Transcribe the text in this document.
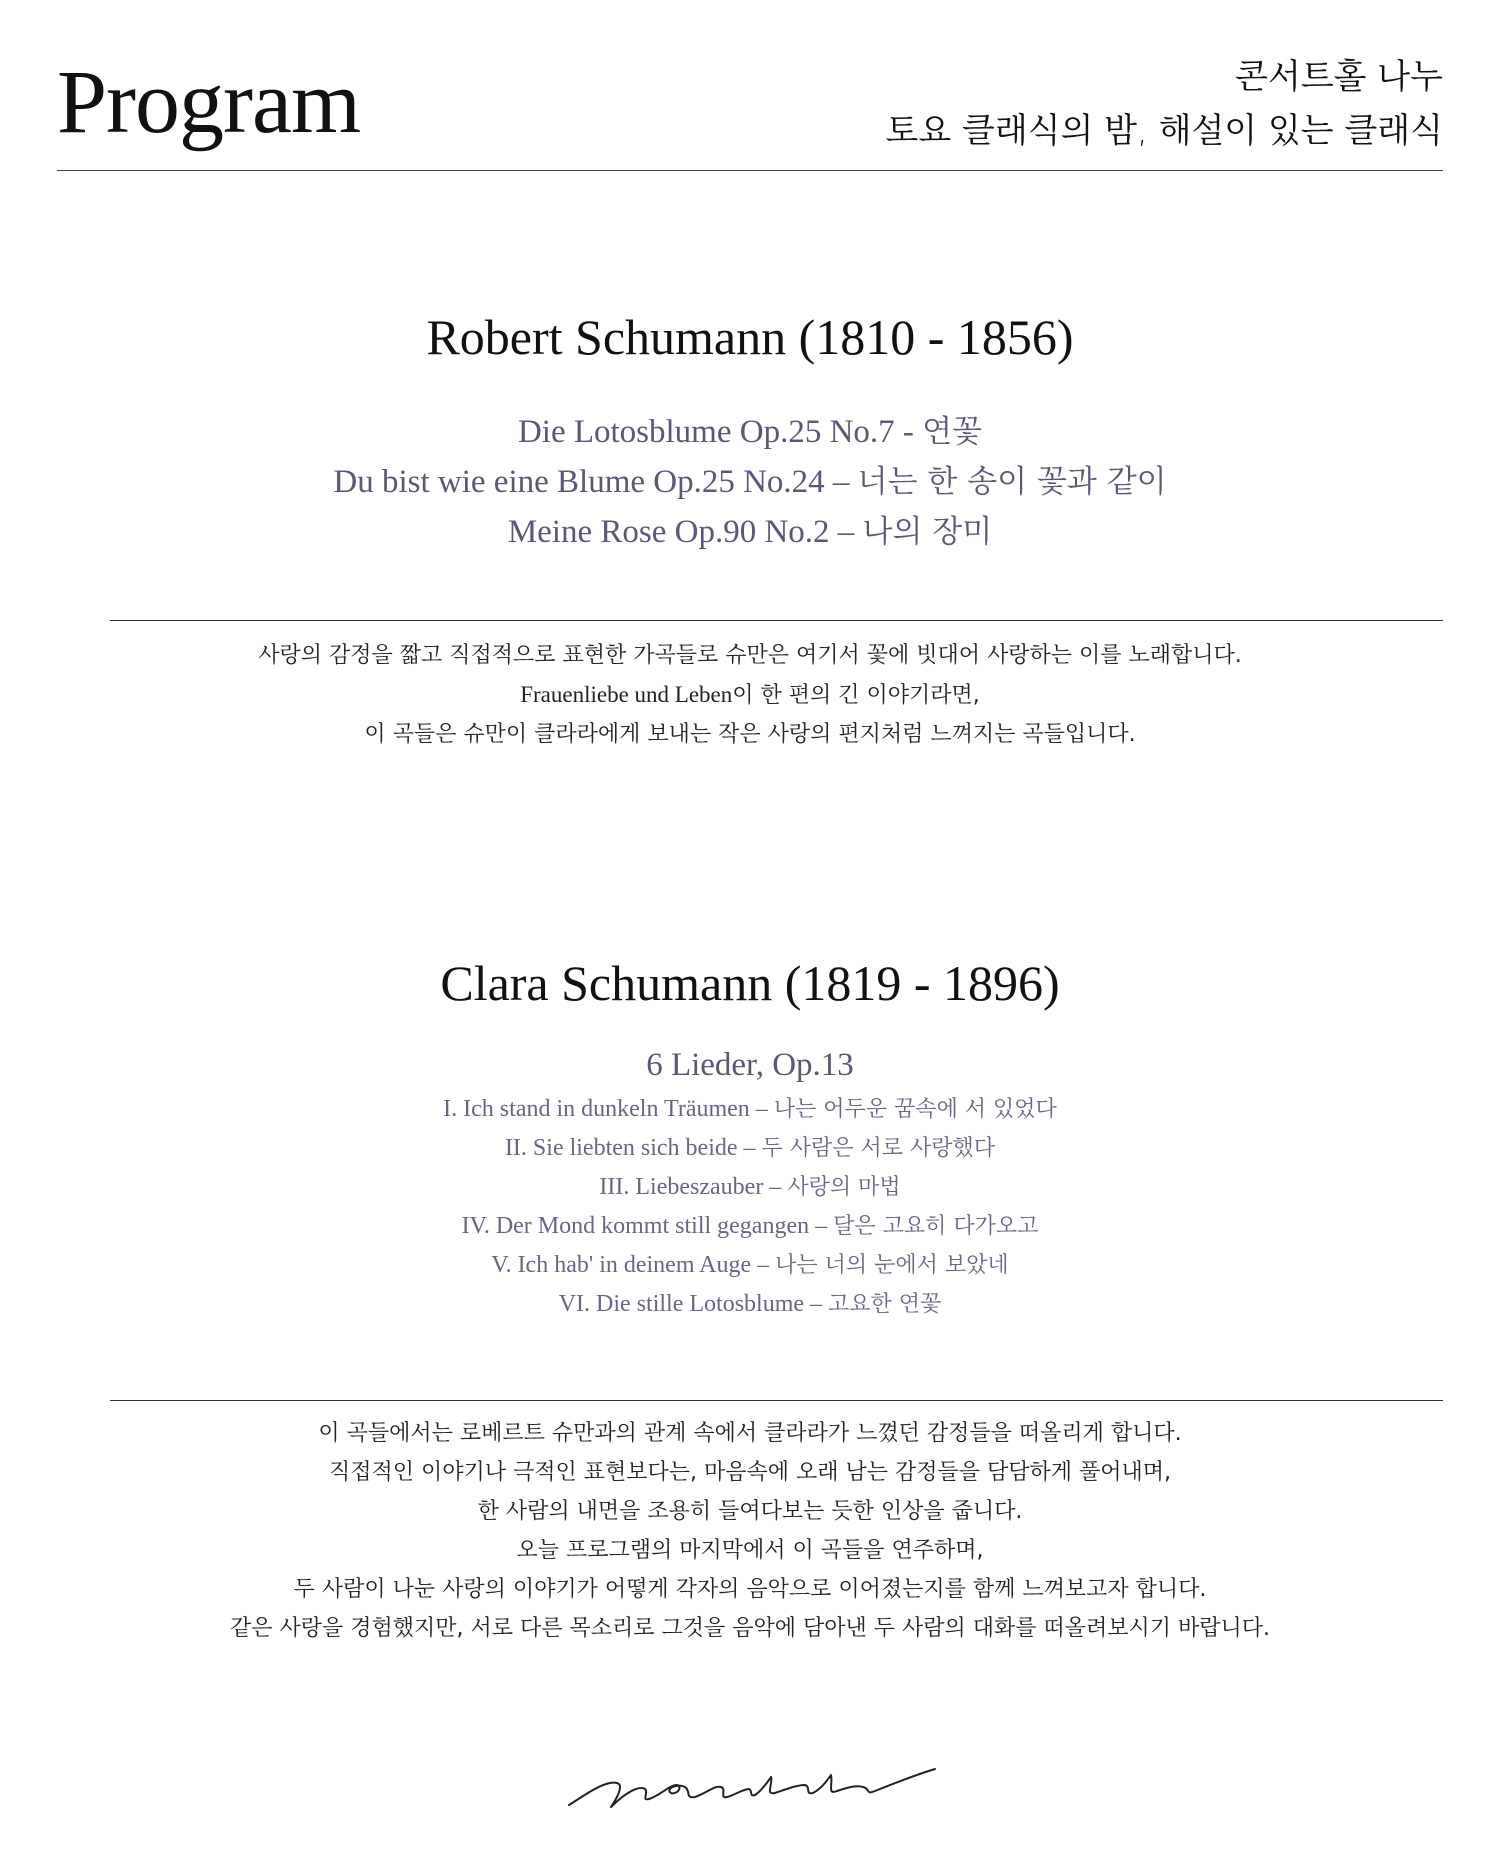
Program	콘서트홀 나누
토요 클래식의 밤, 해설이 있는 클래식
Robert Schumann (1810 - 1856)
Die Lotosblume Op.25 No.7 - 연꽃
Du bist wie eine Blume Op.25 No.24 – 너는 한 송이 꽃과 같이
Meine Rose Op.90 No.2 – 나의 장미
사랑의 감정을 짧고 직접적으로 표현한 가곡들로 슈만은 여기서 꽃에 빗대어 사랑하는 이를 노래합니다.
Frauenliebe und Leben이 한 편의 긴 이야기라면,
이 곡들은 슈만이 클라라에게 보내는 작은 사랑의 편지처럼 느껴지는 곡들입니다.
Clara Schumann (1819 - 1896)
6 Lieder, Op.13
I. Ich stand in dunkeln Träumen – 나는 어두운 꿈속에 서 있었다
II. Sie liebten sich beide – 두 사람은 서로 사랑했다
III. Liebeszauber – 사랑의 마법
IV. Der Mond kommt still gegangen – 달은 고요히 다가오고
V. Ich hab' in deinem Auge – 나는 너의 눈에서 보았네
VI. Die stille Lotosblume – 고요한 연꽃
이 곡들에서는 로베르트 슈만과의 관계 속에서 클라라가 느꼈던 감정들을 떠올리게 합니다.
직접적인 이야기나 극적인 표현보다는, 마음속에 오래 남는 감정들을 담담하게 풀어내며,
한 사람의 내면을 조용히 들여다보는 듯한 인상을 줍니다.
오늘 프로그램의 마지막에서 이 곡들을 연주하며,
두 사람이 나눈 사랑의 이야기가 어떻게 각자의 음악으로 이어졌는지를 함께 느껴보고자 합니다.
같은 사랑을 경험했지만, 서로 다른 목소리로 그것을 음악에 담아낸 두 사람의 대화를 떠올려보시기 바랍니다.
